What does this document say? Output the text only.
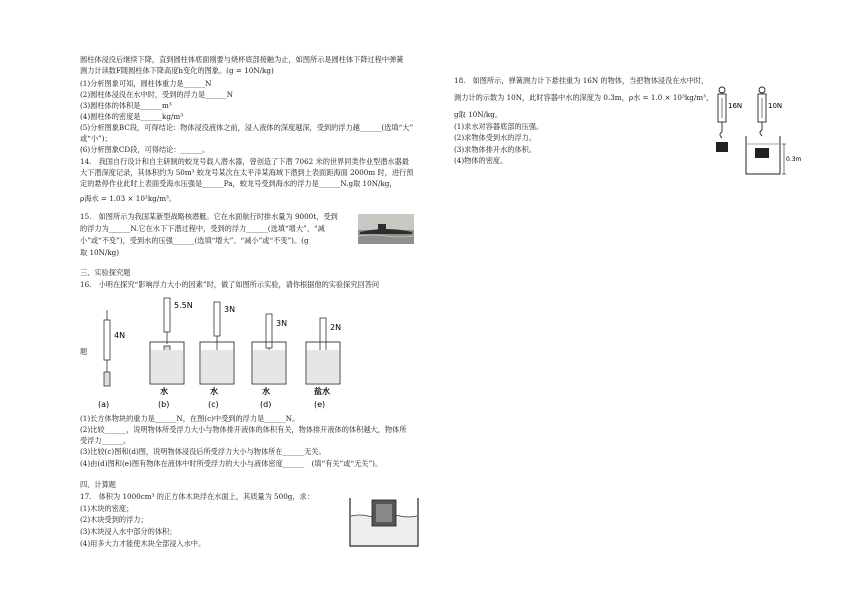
圆柱体浸没后继续下降，直到圆柱体底面刚要与烧杯底部接触为止，如图所示是圆柱体下降过程中弹簧
测力计读数F随圆柱体下降高度h变化的图象。(g = 10N/kg)
(1)分析图象可知，圆柱体重力是______N
(2)圆柱体浸没在水中时，受到的浮力是______N
(3)圆柱体的体积是______m³
(4)圆柱体的密度是______kg/m³
(5)分析图象BC段，可得结论：物体浸没液体之前，浸入液体的深度越深，受到的浮力越______(选填“大”
或“小”)；
(6)分析图象CD段，可得结论：______。
14.　我国自行设计和自主研制的蛟龙号载人潜水器，曾创造了下潜 7062 米的世界同类作业型潜水器最
大下潜深度记录，其体积约为 50m³ 蛟龙号某次在太平洋某海域下潜到上表面距海面 2000m 时，进行预
定的悬停作业此时上表面受海水压强是______Pa，蛟龙号受到海水的浮力是______N.g取 10N/kg，
ρ海水 = 1.03 × 10³kg/m³。
15.　如图所示为我国某新型战略核潜艇。它在水面航行时排水量为 9000t，受到
的浮力为______N.它在水下下潜过程中，受到的浮力______(选填“增大”、“减
小”或“不变”)，受到水的压强______(选填“增大”、“减小”或“不变”)。(g
取 10N/kg)
三、实验探究题
16.　小明在探究“影响浮力大小的因素”时，做了如图所示实验，请你根据他的实验探究回答问
题
4N
5.5N	3N
3N	2N
水	水	水	盐水
(a)	(b)	(c)	(d)	(e)
(1)长方体物块的重力是______N，在图(c)中受到的浮力是______N。
(2)比较______，说明物体所受浮力大小与物体排开液体的体积有关，物体排开液体的体积越大，物体所
受浮力______。
(3)比较(c)图和(d)图，说明物体浸没后所受浮力大小与物体所在______无关。
(4)由(d)图和(e)图有物体在液体中时所受浮力的大小与液体密度______　(填“有关”或“无关”)。
四、计算题
17.　体积为 1000cm³ 的正方体木块浮在水面上，其质量为 500g，求：
(1)木块的密度；
(2)木块受到的浮力；
(3)木块浸入水中部分的体积；
(4)用多大力才能使木块全部浸入水中。
18.　如图所示，弹簧测力计下悬挂重为 16N 的物体，当把物体浸没在水中时，
测力计的示数为 10N，此时容器中水的深度为 0.3m，ρ水 = 1.0 × 10³kg/m³，
g取 10N/kg。
(1)求水对容器底部的压强。
(2)求物体受到水的浮力。
(3)求物体排开水的体积。
(4)物体的密度。
16N	10N
0.3m
